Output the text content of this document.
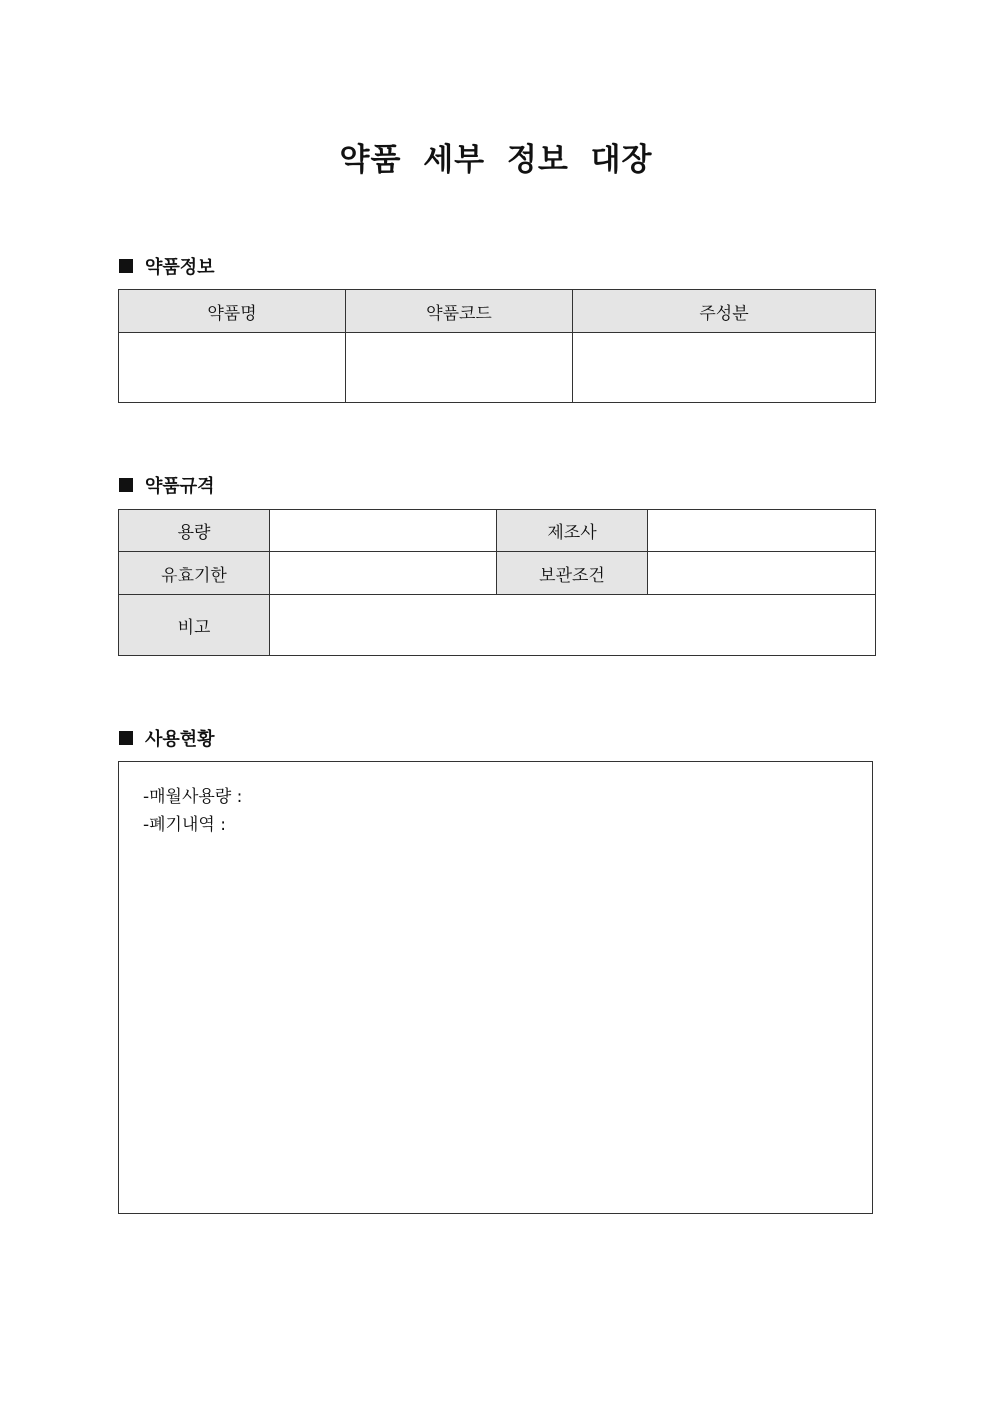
약품 세부 정보 대장
약품정보
약품명	약품코드	주성분

약품규격
용량		제조사	
유효기한		보관조건	
비고			
사용현황
-매월사용량 :
-폐기내역 :
